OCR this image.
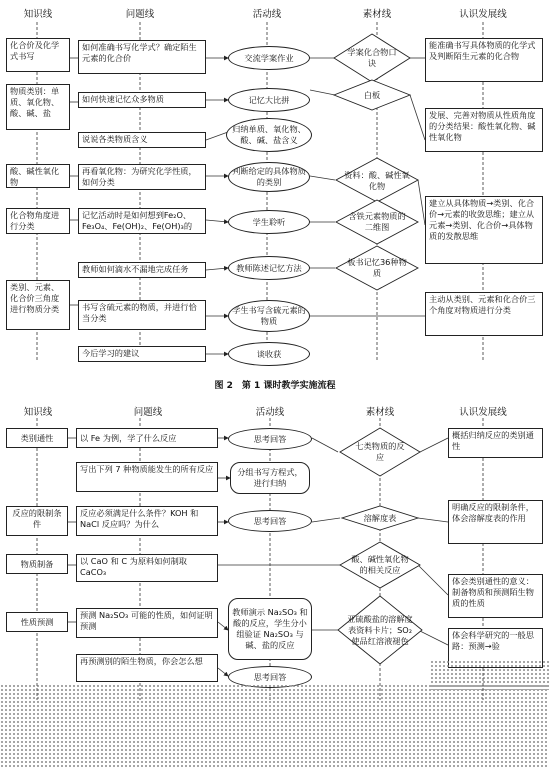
知识线	问题线	活动线	素材线	认识发展线
化合价及化学式书写
物质类别：单质、氧化物、酸、碱、盐
酸、碱性氧化物
化合物角度进行分类
类别、元素、化合价三角度进行物质分类
如何准确书写化学式？确定陌生元素的化合价
如何快速记忆众多物质
说说各类物质含义
再看氧化物：为研究化学性质，如何分类
记忆活动时是如何想到Fe₂O、Fe₃O₄、Fe(OH)₂、Fe(OH)₃的
教师如何滴水不漏地完成任务
书写含硫元素的物质，并进行恰当分类
今后学习的建议
交流学案作业
记忆大比拼
归纳单质、氧化物、酸、碱、盐含义
判断给定的具体物质的类别
学生聆听
教师陈述记忆方法
学生书写含硫元素的物质
谈收获
学案化合物口诀
白板
资料：酸、碱性氧化物
含铁元素物质的二维图
板书记忆36种物质
能准确书写具体物质的化学式及判断陌生元素的化合物
发展、完善对物质从性质角度的分类结果：酸性氧化物、碱性氧化物
建立从具体物质→类别、化合价→元素的收敛思维；建立从元素→类别、化合价→具体物质的发散思维
主动从类别、元素和化合价三个角度对物质进行分类
图 2　第 1 课时教学实施流程
知识线	问题线	活动线	素材线	认识发展线
类别通性
反应的限制条件
物质制备
性质预测
以 Fe 为例，学了什么反应
写出下列 7 种物质能发生的所有反应
反应必须满足什么条件？KOH 和 NaCl 反应吗？为什么
以 CaO 和 C 为原料如何制取 CaCO₃
预测 Na₂SO₃ 可能的性质，如何证明预测
再预测别的陌生物质，你会怎么想
思考回答
分组书写方程式，进行归纳
思考回答
教师演示 Na₂SO₃ 和酸的反应，学生分小组验证 Na₂SO₃ 与碱、盐的反应
思考回答
七类物质的反应
溶解度表
酸、碱性氧化物的相关反应
亚硫酸盐的溶解度表资料卡片；SO₂ 使品红溶液褪色
概括归纳反应的类别通性
明确反应的限制条件，体会溶解度表的作用
体会类别通性的意义：制备物质和预测陌生物质的性质
体会科学研究的一般思路：预测→验
